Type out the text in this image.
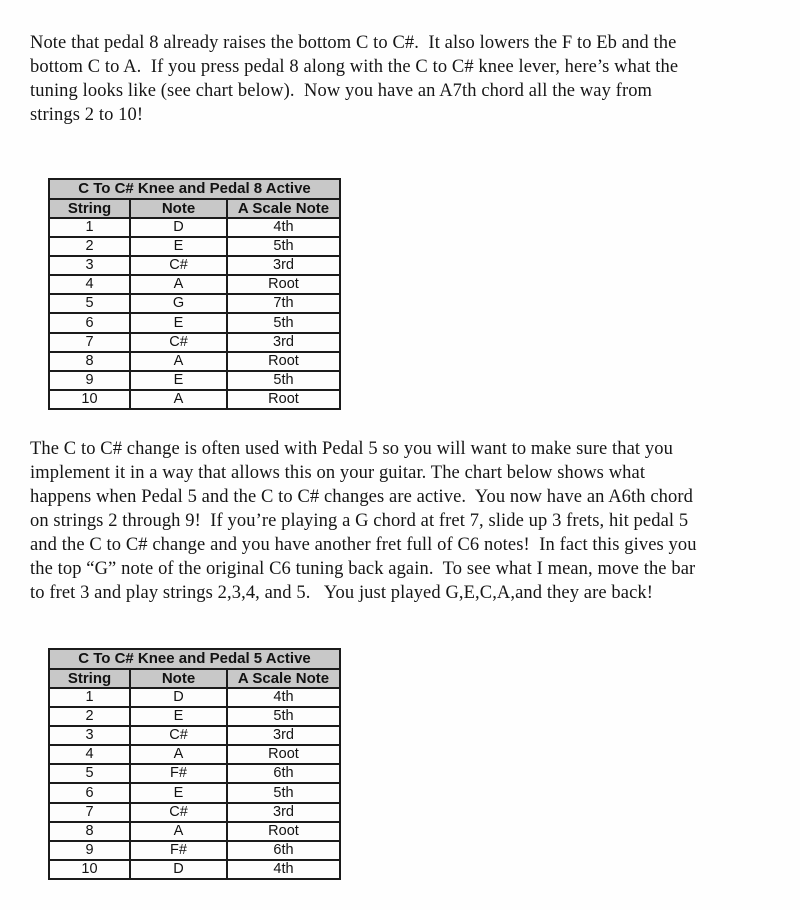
Note that pedal 8 already raises the bottom C to C#.  It also lowers the F to Eb and the
bottom C to A.  If you press pedal 8 along with the C to C# knee lever, here’s what the
tuning looks like (see chart below).  Now you have an A7th chord all the way from
strings 2 to 10!
C To C# Knee and Pedal 8 Active		
String	Note	A Scale Note
1	D	4th
2	E	5th
3	C#	3rd
4	A	Root
5	G	7th
6	E	5th
7	C#	3rd
8	A	Root
9	E	5th
10	A	Root
The C to C# change is often used with Pedal 5 so you will want to make sure that you
implement it in a way that allows this on your guitar. The chart below shows what
happens when Pedal 5 and the C to C# changes are active.  You now have an A6th chord
on strings 2 through 9!  If you’re playing a G chord at fret 7, slide up 3 frets, hit pedal 5
and the C to C# change and you have another fret full of C6 notes!  In fact this gives you
the top “G” note of the original C6 tuning back again.  To see what I mean, move the bar
to fret 3 and play strings 2,3,4, and 5.   You just played G,E,C,A,and they are back!
C To C# Knee and Pedal 5 Active		
String	Note	A Scale Note
1	D	4th
2	E	5th
3	C#	3rd
4	A	Root
5	F#	6th
6	E	5th
7	C#	3rd
8	A	Root
9	F#	6th
10	D	4th
